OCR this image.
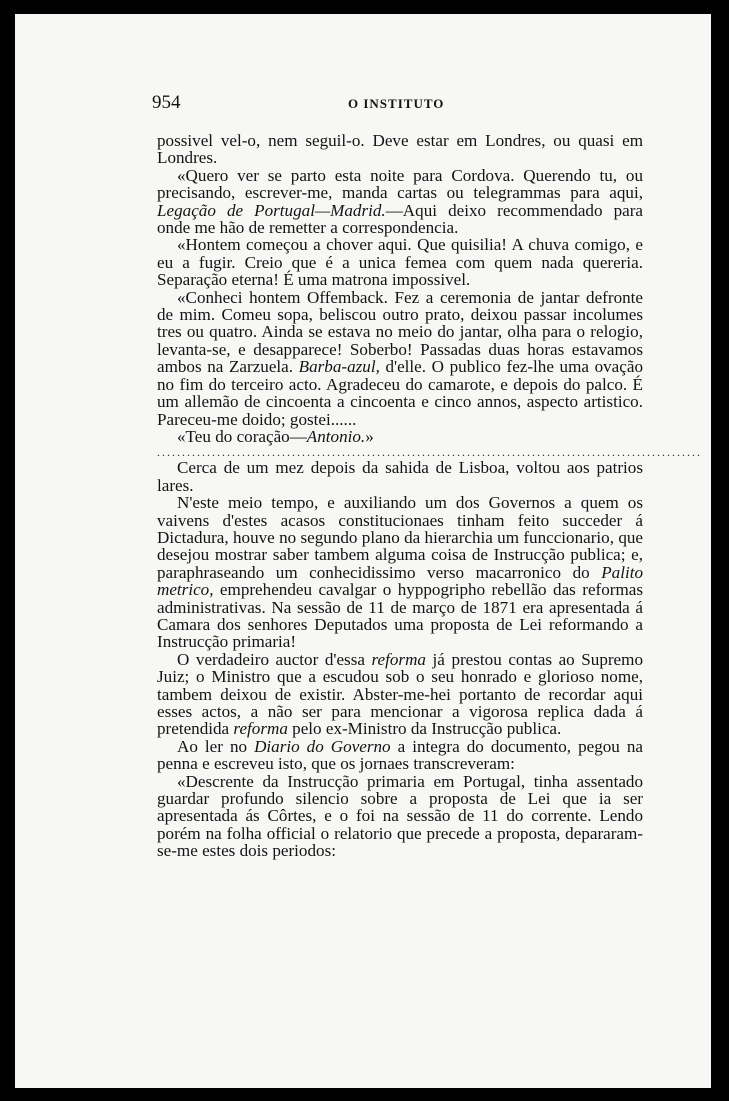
954	O INSTITUTO

possivel vel-o, nem seguil-o. Deve estar em Londres, ou quasi em Londres.

«Quero ver se parto esta noite para Cordova. Querendo tu, ou precisando, escrever-me, manda cartas ou telegrammas para aqui, Legação de Portugal—Madrid.—Aqui deixo recommendado para onde me hão de remetter a correspondencia.

«Hontem começou a chover aqui. Que quisilia! A chuva comigo, e eu a fugir. Creio que é a unica femea com quem nada quereria. Separação eterna! É uma matrona impossivel.

«Conheci hontem Offemback. Fez a ceremonia de jantar defronte de mim. Comeu sopa, beliscou outro prato, deixou passar incolumes tres ou quatro. Ainda se estava no meio do jantar, olha para o relogio, levanta-se, e desapparece! Soberbo! Passadas duas horas estavamos ambos na Zarzuela. Barba-azul, d'elle. O publico fez-lhe uma ovação no fim do terceiro acto. Agradeceu do camarote, e depois do palco. É um allemão de cincoenta a cincoenta e cinco annos, aspecto artistico. Pareceu-me doido; gostei......

«Teu do coração—Antonio.»

.............................................................................................................

Cerca de um mez depois da sahida de Lisboa, voltou aos patrios lares.

N'este meio tempo, e auxiliando um dos Governos a quem os vaivens d'estes acasos constitucionaes tinham feito succeder á Dictadura, houve no segundo plano da hierarchia um funccionario, que desejou mostrar saber tambem alguma coisa de Instrucção publica; e, paraphraseando um conhecidissimo verso macarronico do Palito metrico, emprehendeu cavalgar o hyppogripho rebellão das reformas administrativas. Na sessão de 11 de março de 1871 era apresentada á Camara dos senhores Deputados uma proposta de Lei reformando a Instrucção primaria!

O verdadeiro auctor d'essa reforma já prestou contas ao Supremo Juiz; o Ministro que a escudou sob o seu honrado e glorioso nome, tambem deixou de existir. Abster-me-hei portanto de recordar aqui esses actos, a não ser para mencionar a vigorosa replica dada á pretendida reforma pelo ex-Ministro da Instrucção publica.

Ao ler no Diario do Governo a integra do documento, pegou na penna e escreveu isto, que os jornaes transcreveram:

«Descrente da Instrucção primaria em Portugal, tinha assentado guardar profundo silencio sobre a proposta de Lei que ia ser apresentada ás Côrtes, e o foi na sessão de 11 do corrente. Lendo porém na folha official o relatorio que precede a proposta, depararam-se-me estes dois periodos:
